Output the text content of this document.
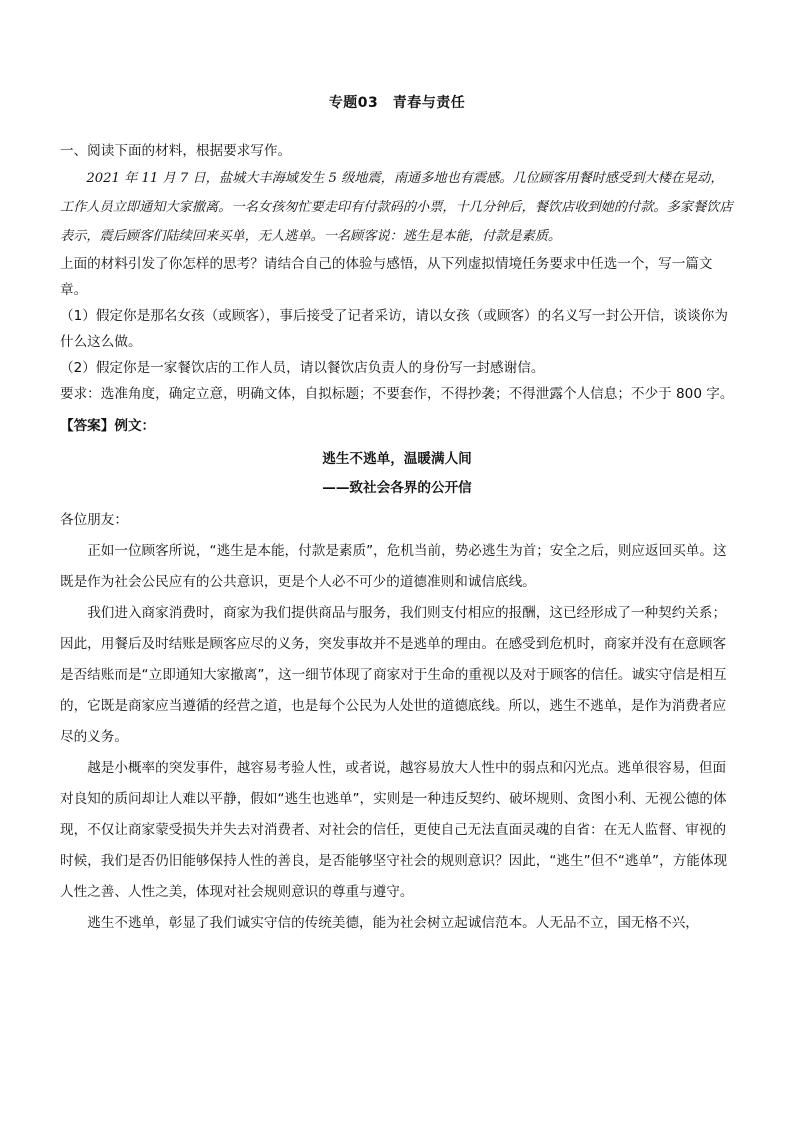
专题03　青春与责任

一、阅读下面的材料，根据要求写作。

2021 年 11 月 7 日，盐城大丰海域发生 5 级地震，南通多地也有震感。几位顾客用餐时感受到大楼在晃动，工作人员立即通知大家撤离。一名女孩匆忙要走印有付款码的小票，十几分钟后，餐饮店收到她的付款。多家餐饮店表示，震后顾客们陆续回来买单，无人逃单。一名顾客说：逃生是本能，付款是素质。

上面的材料引发了你怎样的思考？请结合自己的体验与感悟，从下列虚拟情境任务要求中任选一个，写一篇文章。

（1）假定你是那名女孩（或顾客），事后接受了记者采访，请以女孩（或顾客）的名义写一封公开信，谈谈你为什么这么做。

（2）假定你是一家餐饮店的工作人员，请以餐饮店负责人的身份写一封感谢信。

要求：选准角度，确定立意，明确文体，自拟标题；不要套作，不得抄袭；不得泄露个人信息；不少于 800 字。

【答案】例文：

逃生不逃单，温暖满人间
——致社会各界的公开信

各位朋友：

正如一位顾客所说，“逃生是本能，付款是素质”，危机当前，势必逃生为首；安全之后，则应返回买单。这既是作为社会公民应有的公共意识，更是个人必不可少的道德准则和诚信底线。

我们进入商家消费时，商家为我们提供商品与服务，我们则支付相应的报酬，这已经形成了一种契约关系；因此，用餐后及时结账是顾客应尽的义务，突发事故并不是逃单的理由。在感受到危机时，商家并没有在意顾客是否结账而是“立即通知大家撤离”，这一细节体现了商家对于生命的重视以及对于顾客的信任。诚实守信是相互的，它既是商家应当遵循的经营之道，也是每个公民为人处世的道德底线。所以，逃生不逃单，是作为消费者应尽的义务。

越是小概率的突发事件，越容易考验人性，或者说，越容易放大人性中的弱点和闪光点。逃单很容易，但面对良知的质问却让人难以平静，假如“逃生也逃单”，实则是一种违反契约、破坏规则、贪图小利、无视公德的体现，不仅让商家蒙受损失并失去对消费者、对社会的信任，更使自己无法直面灵魂的自省：在无人监督、审视的时候，我们是否仍旧能够保持人性的善良，是否能够坚守社会的规则意识？因此，“逃生”但不“逃单”，方能体现人性之善、人性之美，体现对社会规则意识的尊重与遵守。

逃生不逃单，彰显了我们诚实守信的传统美德，能为社会树立起诚信范本。人无品不立，国无格不兴，
